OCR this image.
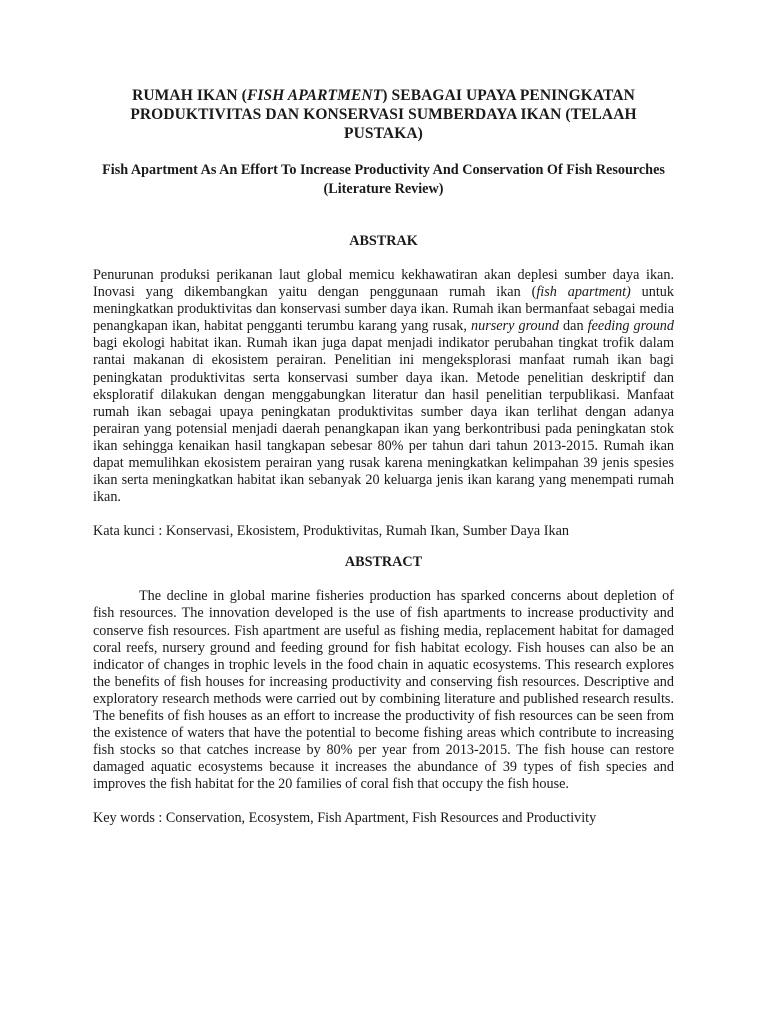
RUMAH IKAN (FISH APARTMENT) SEBAGAI UPAYA PENINGKATAN PRODUKTIVITAS DAN KONSERVASI SUMBERDAYA IKAN (TELAAH PUSTAKA)
Fish Apartment As An Effort To Increase Productivity And Conservation Of Fish Resourches (Literature Review)
ABSTRAK

Penurunan produksi perikanan laut global memicu kekhawatiran akan deplesi sumber daya ikan. Inovasi yang dikembangkan yaitu dengan penggunaan rumah ikan (fish apartment) untuk meningkatkan produktivitas dan konservasi sumber daya ikan. Rumah ikan bermanfaat sebagai media penangkapan ikan, habitat pengganti terumbu karang yang rusak, nursery ground dan feeding ground bagi ekologi habitat ikan. Rumah ikan juga dapat menjadi indikator perubahan tingkat trofik dalam rantai makanan di ekosistem perairan. Penelitian ini mengeksplorasi manfaat rumah ikan bagi peningkatan produktivitas serta konservasi sumber daya ikan. Metode penelitian deskriptif dan eksploratif dilakukan dengan menggabungkan literatur dan hasil penelitian terpublikasi. Manfaat rumah ikan sebagai upaya peningkatan produktivitas sumber daya ikan terlihat dengan adanya perairan yang potensial menjadi daerah penangkapan ikan yang berkontribusi pada peningkatan stok ikan sehingga kenaikan hasil tangkapan sebesar 80% per tahun dari tahun 2013-2015. Rumah ikan dapat memulihkan ekosistem perairan yang rusak karena meningkatkan kelimpahan 39 jenis spesies ikan serta meningkatkan habitat ikan sebanyak 20 keluarga jenis ikan karang yang menempati rumah ikan.

Kata kunci : Konservasi, Ekosistem, Produktivitas, Rumah Ikan, Sumber Daya Ikan

ABSTRACT

The decline in global marine fisheries production has sparked concerns about depletion of fish resources. The innovation developed is the use of fish apartments to increase productivity and conserve fish resources. Fish apartment are useful as fishing media, replacement habitat for damaged coral reefs, nursery ground and feeding ground for fish habitat ecology. Fish houses can also be an indicator of changes in trophic levels in the food chain in aquatic ecosystems. This research explores the benefits of fish houses for increasing productivity and conserving fish resources. Descriptive and exploratory research methods were carried out by combining literature and published research results. The benefits of fish houses as an effort to increase the productivity of fish resources can be seen from the existence of waters that have the potential to become fishing areas which contribute to increasing fish stocks so that catches increase by 80% per year from 2013-2015. The fish house can restore damaged aquatic ecosystems because it increases the abundance of 39 types of fish species and improves the fish habitat for the 20 families of coral fish that occupy the fish house.

Key words : Conservation, Ecosystem, Fish Apartment, Fish Resources and Productivity
